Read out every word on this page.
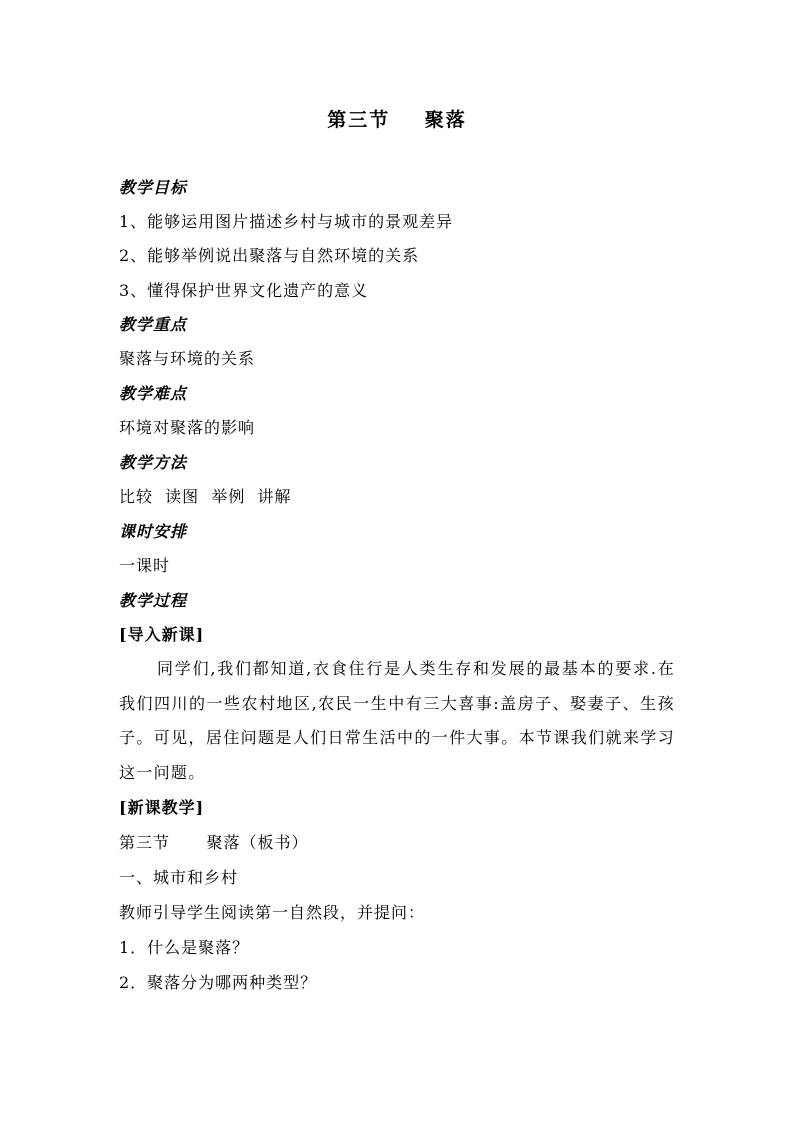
第三节    聚落
教学目标
1、能够运用图片描述乡村与城市的景观差异
2、能够举例说出聚落与自然环境的关系
3、懂得保护世界文化遗产的意义
教学重点
聚落与环境的关系
教学难点
环境对聚落的影响
教学方法
比较  读图  举例  讲解
课时安排
一课时
教学过程
[导入新课]
同学们,我们都知道,衣食住行是人类生存和发展的最基本的要求.在我们四川的一些农村地区,农民一生中有三大喜事:盖房子、娶妻子、生孩子。可见，居住问题是人们日常生活中的一件大事。本节课我们就来学习这一问题。
[新课教学]
第三节      聚落（板书）
一、城市和乡村
教师引导学生阅读第一自然段，并提问：
1．什么是聚落？
2．聚落分为哪两种类型？
